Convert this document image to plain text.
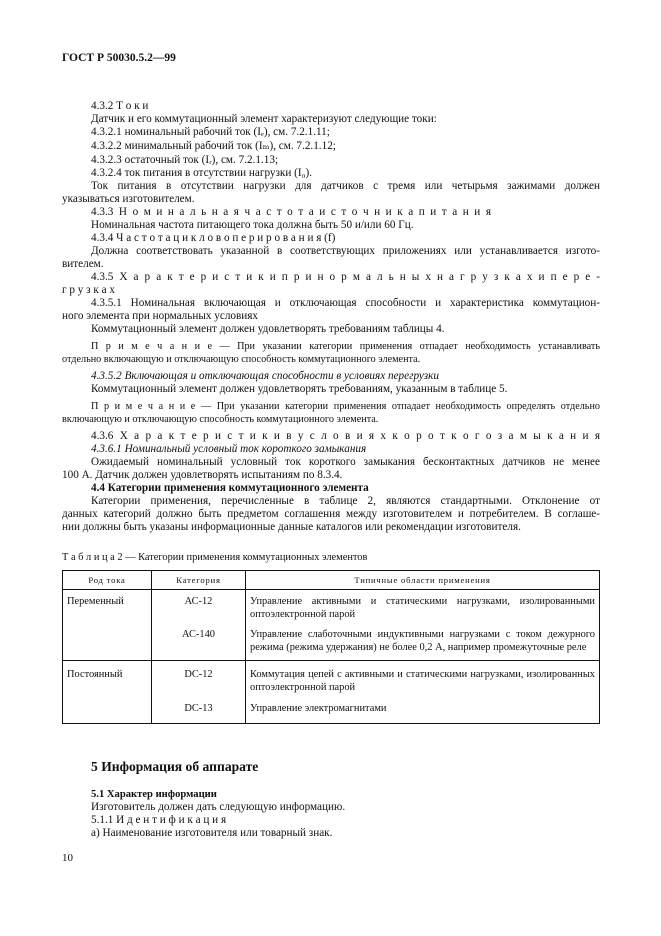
ГОСТ Р 50030.5.2—99
4.3.2 Т о к и
Датчик и его коммутационный элемент характеризуют следующие токи:
4.3.2.1 номинальный рабочий ток (Iₑ), см. 7.2.1.11;
4.3.2.2 минимальный рабочий ток (Iₘ), см. 7.2.1.12;
4.3.2.3 остаточный ток (Iᵣ), см. 7.2.1.13;
4.3.2.4 ток питания в отсутствии нагрузки (I₀).
Ток питания в отсутствии нагрузки для датчиков с тремя или четырьмя зажимами должен
указываться изготовителем.
4.3.3 Н о м и н а л ь н а я ч а с т о т а и с т о ч н и к а п и т а н и я
Номинальная частота питающего тока должна быть 50 и/или 60 Гц.
4.3.4 Ч а с т о т а ц и к л о в о п е р и р о в а н и я (f)
Должна соответствовать указанной в соответствующих приложениях или устанавливается изгото-
вителем.
4.3.5 Х а р а к т е р и с т и к и п р и н о р м а л ь н ы х н а г р у з к а х и п е р е -
г р у з к а х
4.3.5.1 Номинальная включающая и отключающая способности и характеристика коммутацион-
ного элемента при нормальных условиях
Коммутационный элемент должен удовлетворять требованиям таблицы 4.
П р и м е ч а н и е — При указании категории применения отпадает необходимость устанавливать
отдельно включающую и отключающую способность коммутационного элемента.
4.3.5.2 Включающая и отключающая способности в условиях перегрузки
Коммутационный элемент должен удовлетворять требованиям, указанным в таблице 5.
П р и м е ч а н и е — При указании категории применения отпадает необходимость определять отдельно
включающую и отключающую способность коммутационного элемента.
4.3.6 Х а р а к т е р и с т и к и в у с л о в и я х к о р о т к о г о з а м ы к а н и я
4.3.6.1 Номинальный условный ток короткого замыкания
Ожидаемый номинальный условный ток короткого замыкания бесконтактных датчиков не менее
100 А. Датчик должен удовлетворять испытаниям по 8.3.4.
4.4 Категории применения коммутационного элемента
Категории применения, перечисленные в таблице 2, являются стандартными. Отклонение от
данных категорий должно быть предметом соглашения между изготовителем и потребителем. В соглаше-
нии должны быть указаны информационные данные каталогов или рекомендации изготовителя.
Т а б л и ц а 2 — Категории применения коммутационных элементов
Род тока	Категория	Типичные области применения
Переменный	АС-12	Управление активными и статическими нагрузками, изолированными оптоэлектронной парой
	АС-140	Управление слаботочными индуктивными нагрузками с током дежурного режима (режима удержания) не более 0,2 А, например промежуточные реле
Постоянный	DC-12	Коммутация цепей с активными и статическими нагрузками, изолированных оптоэлектронной парой
	DC-13	Управление электромагнитами
5 Информация об аппарате
5.1 Характер информации
Изготовитель должен дать следующую информацию.
5.1.1 И д е н т и ф и к а ц и я
а) Наименование изготовителя или товарный знак.
10
